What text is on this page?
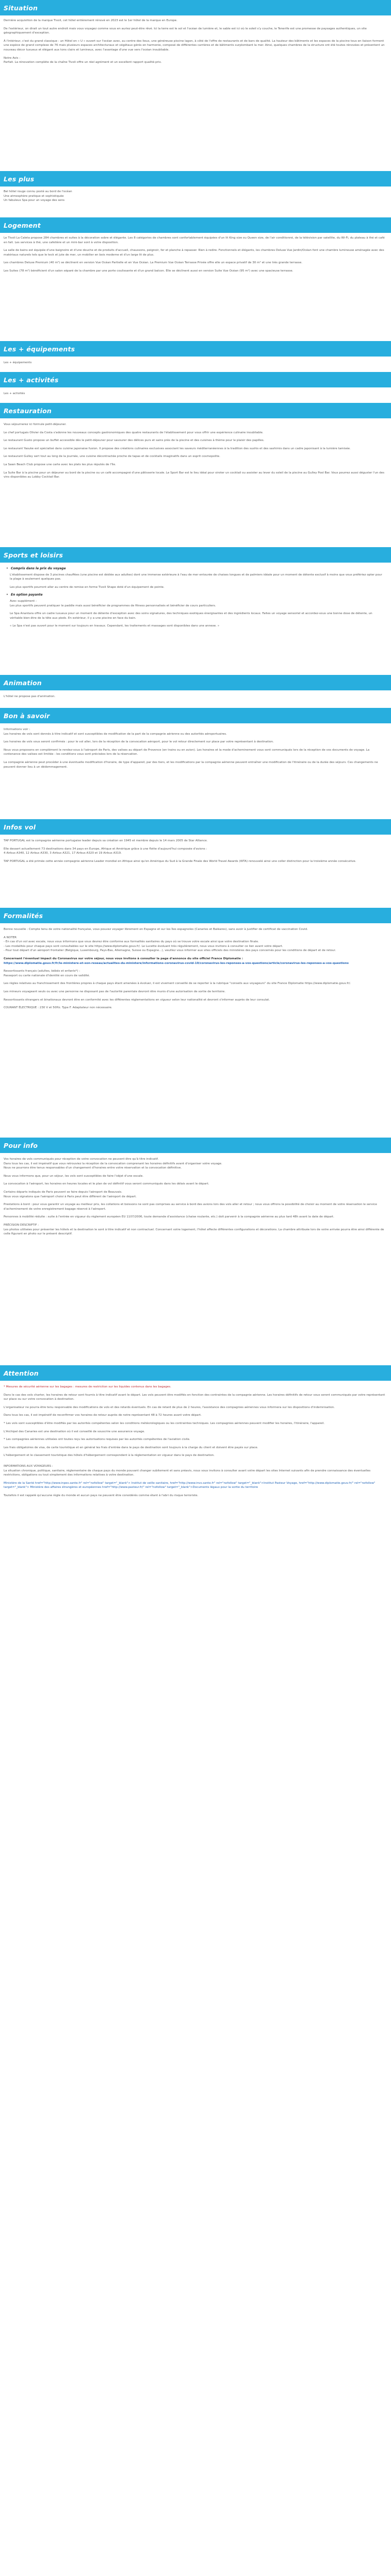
Situation

Dernière acquisition de la marque Tivoli, cet hôtel entièrement rénové en 2023 est le 1er hôtel de la marque en Europe.

De l'extérieur, on dirait un tout autre endroit mais vous voyagez comme vous en auriez peut-être rêvé. Ici la terre est le sol et l'océan de lumière et, le sable est ici où le soleil s'y couche, le Tenerife est une promesse de paysages authentiques, un site géographiquement d'exception.

À l'intérieur, c'est du grand classique : un Hôtel en « U » ouvert sur l'océan avec, au centre des lieux, une généreuse piscine lagon, à côté de l'offre de restaurants et de bars de qualité. La hauteur des bâtiments et les espaces de la piscine tous en liaison forment une espèce de grand complexe de 76 mais plusieurs espaces architecturaux et végétaux gérés en harmonie, composé de différentes carrières et de bâtiments surplombant la mer. Ainsi, quelques chambres de la structure ont été toutes rénovées et présentent un nouveau décor luxueux et élégant aux tons clairs et lumineux, avec l'avantage d'une vue vers l'océan inoubliable.

Notre Avis :

Parfait. La rénovation complète de la chaîne Tivoli offre un réel agrément et un excellent rapport qualité-prix.

Les plus

Bel hôtel rouge connu posté au bord de l'océan

Une atmosphère pratique et sophistiquée

Un fabuleux Spa pour un voyage des sens

Logement

Le Tivoli La Caleta propose 284 chambres et suites à la décoration sobre et élégante. Les 8 catégories de chambres sont confortablement équipées d'un lit King size ou Queen size, de l'air conditionné, de la télévision par satellite, du Wi-Fi, du plateau à thé et café en fait. Les services à thé, une cafetière et un mini-bar sont à votre disposition.

La salle de bains est équipée d'une baignoire et d'une douche et de produits d'accueil, chaussons, peignoir, fer et planche à repasser. Rien à redire. Fonctionnels et élégants, les chambres Deluxe Vue Jardin/Océan font une chambre lumineuse aménagée avec des matériaux naturels tels que le teck et jute de mer, un mobilier en bois moderne et d'un large lit de plus.

Les chambres Deluxe Premium (40 m²) se déclinent en version Vue Océan Partielle et en Vue Océan. La Premium Vue Océan Terrasse Privée offre elle un espace privatif de 30 m² et une très grande terrasse.

Les Suites (78 m²) bénéficient d'un salon séparé de la chambre par une porte coulissante et d'un grand balcon. Elle se déclinent aussi en version Suite Vue Océan (95 m²) avec une spacieuse terrasse.

Les + équipements

Les + équipements

Les + activités

Les + activités

Restauration

Vous séjournerez ici formule petit-déjeuner.

Le chef portugais Olivier da Costa s'adonne les nouveaux concepts gastronomiques des quatre restaurants de l'établissement pour vous offrir une expérience culinaire inoubliable.

Le restaurant Gusto propose un buffet accessible dès le petit-déjeuner pour savourer des délices purs et sains près de la piscine et des cuisines à thème pour le plaisir des papilles.

Le restaurant Yasuke est spécialisé dans cuisine japonaise fusion. Il propose des créations culinaires exclusives associant les saveurs méditerranéennes à la tradition des sushis et des sashimis dans un cadre japonisant à la lumière tamisée.

Le restaurant Gulley sert tout au long de la journée, une cuisine décontractée proche de tapas et de cocktails imaginatifs dans un esprit cosmopolite.

La Sawn Beach Club propose une carte avec les plats les plus réputés de l'île.

La Suite Bar à la piscine pour un déjeuner au bord de la piscine ou un café accompagné d'une pâtisserie locale. Le Sport Bar est le lieu idéal pour siroter un cocktail ou assister au lever du soleil de la piscine au Gulley Pool Bar. Vous pourrez aussi déguster l'un des vins disponibles au Lobby Cocktail Bar.

Sports et loisirs
• Compris dans le prix du voyage

L'établissement dispose de 3 piscines chauffées (une piscine est dédiée aux adultes) dont une immense extérieure à l'eau de mer entourée de chaises longues et de palmiers idéale pour un moment de détente exclusif à moins que vous préfériez opter pour la plage à seulement quelques pas.

Les plus sportifs pourront aller au centre de remise en forme Tivoli Shape doté d'un équipement de pointe.

• En option payante

Avec supplément :

Les plus sportifs peuvent pratiquer le paddle mais aussi bénéficier de programmes de fitness personnalisés et bénéficier de cours particuliers.

Le Spa Anantara offre un cadre luxueux pour un moment de détente d'exception avec des soins signatures, des techniques exotiques énergisantes et des ingrédients locaux. Faites un voyage sensoriel et accordez-vous une bonne dose de détente, un véritable bien-être de la tête aux pieds. En extérieur, il y a une piscine en face du bain.

« Le Spa n'est pas ouvert pour le moment sur toujours en travaux. Cependant, les traitements et massages sont disponibles dans une annexe. »

Animation

L'hôtel ne propose pas d'animation.

Bon à savoir

Informations voir :

Les horaires de vols sont donnés à titre indicatif et sont susceptibles de modification de la part de la compagnie aérienne ou des autorités aéroportuaires.

Les horaires de vols vous seront confirmés : pour le vol aller, lors de la réception de la convocation aéroport, pour le vol retour directement sur place par votre représentant à destination.

Nous vous proposons en complément le rendez-vous à l'aéroport de Paris, des valises au départ de Provence (en trains ou en avion). Les horaires et la mode d'acheminement vous sont communiqués lors de la réception de vos documents de voyage. La contenance des valises est limitée : les conditions vous sont précisées lors de la réservation.

La compagnie aérienne peut procéder à une éventuelle modification d'horaire, de type d'appareil, par des tiers, et les modifications par la compagnie aérienne peuvent entraîner une modification de l'itinéraire ou de la durée des séjours. Ces changements ne peuvent donner lieu à un dédommagement.

Infos vol

TAP PORTUGAL est la compagnie aérienne portugaise leader depuis sa création en 1945 et membre depuis le 14 mars 2005 de Star Alliance.

Elle dessert actuellement 73 destinations dans 34 pays en Europe, Afrique et Amérique grâce à une flotte d'aujourd'hui composée d'avions :

4 Airbus A340, 12 Airbus A330, 3 Airbus A321, 17 Airbus A320 et 19 Airbus A319.

TAP PORTUGAL a été primée cette année compagnie aérienne Leader mondial en Afrique ainsi qu'en Amérique du Sud à la Grande Finale des World Travel Awards (WTA) renouvelé ainsi une coller distinction pour la troisième année consécutive.

Formalités

Bonne nouvelle : Compte tenu de votre nationalité française, vous pouvez voyager librement en Espagne et sur les îles espagnoles (Canaries et Baléares), sans avoir à justifier de certificat de vaccination Covid.

A NOTER

- En cas d'un vol avec escale, nous vous informons que vous devrez être conforme aux formalités sanitaires du pays où se trouve votre escale ainsi que votre destination finale.

- Les modalités pour chaque pays sont consultables sur le site https://www.diplomatie.gouv.fr/. Le Lucette évoluant très régulièrement, nous vous invitons à consulter ce lien avant votre départ.

- Pour tout départ d'un aéroport frontalier (Belgique, Luxembourg, Pays-Bas, Allemagne, Suisse ou Espagne...), veuillez vous informer aux sites officiels des ministères des pays concernés pour les conditions de départ et de retour.

Concernant l'éventuel impact du Coronavirus sur votre séjour, nous vous invitons à consulter la page d'annonce du site officiel France Diplomatie :

https://www.diplomatie.gouv.fr/fr/le-ministere-et-son-reseau/actualites-du-ministere/informations-coronavirus-covid-19/coronavirus-les-reponses-a-vos-questions/article/coronavirus-les-reponses-a-vos-questions

Ressortissants français (adultes, bébés et enfants*) :

Passeport ou carte nationale d'identité en cours de validité.

Les règles relatives au franchissement des frontières propres à chaque pays étant amenées à évoluer, il est vivement conseillé de se reporter à la rubrique "conseils aux voyageurs" du site France Diplomatie https://www.diplomatie.gouv.fr/.

Les mineurs voyageant seuls ou avec une personne ne disposant pas de l'autorité parentale devront être munis d'une autorisation de sortie de territoire.

Ressortissants étrangers et binationaux devront être en conformité avec les différentes réglementations en vigueur selon leur nationalité et devront s'informer auprès de leur consulat.

COURANT ÉLECTRIQUE : 230 V et 50Hz. Type F. Adaptateur non nécessaire.

Pour info

Vos horaires de vols communiqués pour réception de votre convocation ne peuvent être qu'à titre indicatif.

Dans tous les cas, il est impératif que vous retrouviez la réception de la convocation comprenant les horaires définitifs avant d'organiser votre voyage.

Nous ne pourrons être tenus responsables d'un changement d'horaires entre votre réservation et la convocation définitive.

Nous vous informons que, pour un séjour, les vols sont susceptibles de faire l'objet d'une escale.

La convocation à l'aéroport, les horaires en heures locales et le plan de vol définitif vous seront communiqués dans les délais avant le départ.

Certains départs indiqués de Paris peuvent se faire depuis l'aéroport de Beauvais.

Nous vous signalons que l'aéroport choisi à Paris peut être différent de l'aéroport de départ.

Prestations à bord : pour vous garantir un voyage au meilleur prix, les collations et boissons ne sont pas comprises au service à bord des avions lors des vols aller et retour ; nous vous offrons la possibilité de choisir au moment de votre réservation le service d'acheminement de votre enregistrement bagage réservé à l'aéroport.

Personnes à mobilité réduite : suite à l'entrée en vigueur du règlement européen EU 1107/2006, toute demande d'assistance (chaise roulante, etc.) doit parvenir à la compagnie aérienne au plus tard 48h avant la date de départ.

PRÉCISION DESCRIPTIF :

Les photos utilisées pour présenter les hôtels et la destination le sont à titre indicatif et non contractuel. Concernant votre logement, l'hôtel affecte différentes configurations et décorations. La chambre attribuée lors de votre arrivée pourra être ainsi différente de celle figurant en photo sur le présent descriptif.

Attention

* Mesures de sécurité aérienne sur les bagages : mesures de restriction sur les liquides contenus dans les bagages.

Dans le cas des vols charter, les horaires de retour sont fournis à titre indicatif avant le départ. Les vols peuvent être modifiés en fonction des contraintes de la compagnie aérienne. Les horaires définitifs de retour vous seront communiqués par votre représentant sur place ou sur votre convocation à destination.

L'organisateur ne pourra être tenu responsable des modifications de vols et des retards éventuels. En cas de retard de plus de 2 heures, l'assistance des compagnies aériennes vous informera sur les dispositions d'indemnisation.

Dans tous les cas, il est impératif de reconfirmer vos horaires de retour auprès de notre représentant 48 à 72 heures avant votre départ.

* Les vols sont susceptibles d'être modifiés par les autorités compétentes selon les conditions météorologiques ou les contraintes techniques. Les compagnies aériennes peuvent modifier les horaires, l'itinéraire, l'appareil.

L'Archipel des Canaries est une destination où il est conseillé de souscrire une assurance voyage.

* Les compagnies aériennes utilisées ont toutes reçu les autorisations requises par les autorités compétentes de l'aviation civile.

Les frais obligatoires de visa, de carte touristique et en général les frais d'entrée dans le pays de destination sont toujours à la charge du client et doivent être payés sur place.

L'hébergement et le classement touristique des hôtels d'hébergement correspondent à la réglementation en vigueur dans le pays de destination.

INFORMATIONS AUX VOYAGEURS :

La situation chronique, politique, sanitaire, réglementaire de chaque pays du monde pouvant changer subitement et sans préavis, nous vous invitons à consulter avant votre départ les sites Internet suivants afin de prendre connaissance des éventuelles restrictions, obligations ou tout simplement des informations relatives à votre destination.

Ministère de la Santé href="http://www.inpes.sante.fr" rel="nofollow" target="_blank"> Institut de veille sanitaire, href="http://www.invs.sante.fr" rel="nofollow" target="_blank">Institut Pasteur Voyage, href="http://www.diplomatie.gouv.fr/" rel="nofollow" target="_blank"> Ministère des affaires étrangères et européennes href="http://www.pasteur.fr/" rel="nofollow" target="_blank">Documents légaux pour la sortie du territoire

Toutefois il est rappelé qu'aucune règle du monde et aucun pays ne peuvent être considérés comme étant à l'abri du risque terroriste.
